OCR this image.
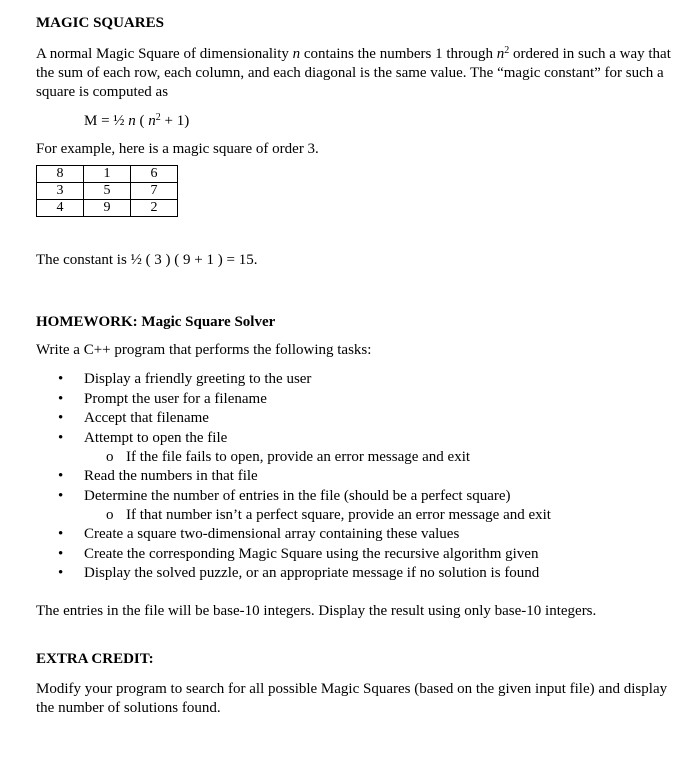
MAGIC SQUARES

A normal Magic Square of dimensionality n contains the numbers 1 through $n^2$ ordered in such a way that the sum of each row, each column, and each diagonal is the same value. The “magic constant” for such a square is computed as

M = ½ n ( $n^2 + 1$)

For example, here is a magic square of order 3.

8	1	6
3	5	7
4	9	2

The constant is ½ ( 3 ) ( 9 + 1 ) = 15.

HOMEWORK: Magic Square Solver

Write a C++ program that performs the following tasks:

• Display a friendly greeting to the user
• Prompt the user for a filename
• Accept that filename
• Attempt to open the file
o If the file fails to open, provide an error message and exit
• Read the numbers in that file
• Determine the number of entries in the file (should be a perfect square)
o If that number isn’t a perfect square, provide an error message and exit
• Create a square two-dimensional array containing these values
• Create the corresponding Magic Square using the recursive algorithm given
• Display the solved puzzle, or an appropriate message if no solution is found

The entries in the file will be base-10 integers. Display the result using only base-10 integers.

EXTRA CREDIT:

Modify your program to search for all possible Magic Squares (based on the given input file) and display the number of solutions found.
